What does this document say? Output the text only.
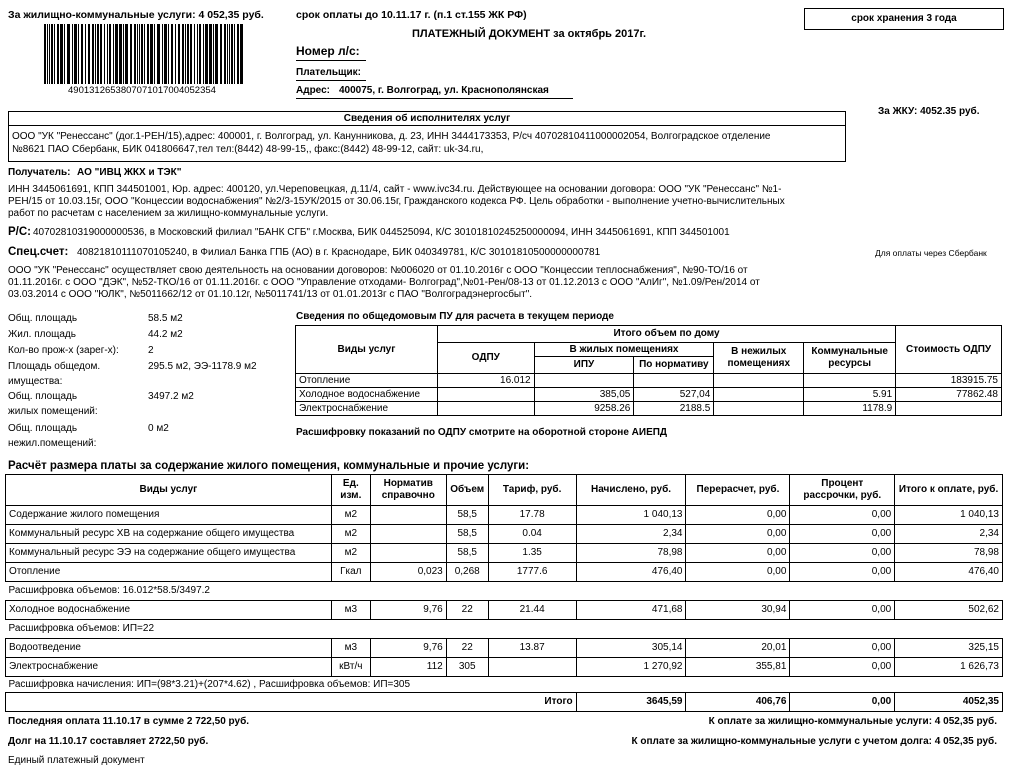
За жилищно-коммунальные услуги: 4 052,35 руб.	срок оплаты до 10.11.17 г. (п.1 ст.155 ЖК РФ)	срок хранения 3 года
4901312653807071017004052354
ПЛАТЕЖНЫЙ ДОКУМЕНТ за октябрь 2017г.
Номер л/с:
Плательщик:
Адрес: 400075, г. Волгоград, ул. Краснополянская
За ЖКУ: 4052.35 руб.
Сведения об исполнителях услуг
ООО "УК "Ренессанс" (дог.1-РЕН/15),адрес: 400001, г. Волгоград, ул. Канунникова, д. 23, ИНН 3444173353, Р/сч 40702810411000002054, Волгоградское отделение
№8621 ПАО Сбербанк, БИК 041806647,тел тел:(8442) 48-99-15,, факс:(8442) 48-99-12, сайт: uk-34.ru,
Получатель: АО "ИВЦ ЖКХ и ТЭК"
ИНН 3445061691, КПП 344501001, Юр. адрес: 400120, ул.Череповецкая, д.11/4, сайт - www.ivc34.ru. Действующее на основании договора: ООО "УК "Ренессанс" №1-
РЕН/15 от 10.03.15г, ООО "Концессии водоснабжения" №2/3-15УК/2015 от 30.06.15г, Гражданского кодекса РФ. Цель обработки - выполнение учетно-вычислительных
работ по расчетам с населением за жилищно-коммунальные услуги.
Р/С: 40702810319000000536, в Московский филиал "БАНК СГБ" г.Москва, БИК 044525094, К/С 30101810245250000094, ИНН 3445061691, КПП 344501001
Спец.счет: 40821810111070105240, в Филиал Банка ГПБ (АО) в г. Краснодаре, БИК 040349781, К/С 30101810500000000781	Для оплаты через Сбербанк
ООО "УК "Ренессанс" осуществляет свою деятельность на основании договоров: №006020 от 01.10.2016г с ООО "Концессии теплоснабжения", №90-ТО/16 от
01.11.2016г. с ООО "ДЭК", №52-ТКО/16 от 01.11.2016г. с ООО "Управление отходами- Волгоград",№01-Рен/08-13 от 01.12.2013 с ООО "АлИг", №1.09/Рен/2014 от
03.03.2014 с ООО "ЮЛК", №5011662/12 от 01.10.12г, №5011741/13 от 01.01.2013г с ПАО "Волгоградэнергосбыт".
Общ. площадь	58.5 м2
Жил. площадь	44.2 м2
Кол-во прож-х (зарег-х):	2
Площадь общедом.	295.5 м2, ЭЭ-1178.9 м2
имущества:
Общ. площадь	3497.2 м2
жилых помещений:
Общ. площадь	0 м2
нежил.помещений:
Сведения по общедомовым ПУ для расчета в текущем периоде
Виды услуг	Итого объем по дому					Стоимость ОДПУ
	ОДПУ	В жилых помещениях		В нежилых помещениях	Коммунальные ресурсы	
		ИПУ	По нормативу			
Отопление	16.012					183915.75
Холодное водоснабжение		385,05	527,04		5.91	77862.48
Электроснабжение		9258.26	2188.5		1178.9	
Расшифровку показаний по ОДПУ смотрите на оборотной стороне АИЕПД
Расчёт размера платы за содержание жилого помещения, коммунальные и прочие услуги:
Виды услуг	Ед. изм.	Норматив справочно	Объем	Тариф, руб.	Начислено, руб.	Перерасчет, руб.	Процент рассрочки, руб.	Итого к оплате, руб.
Содержание жилого помещения	м2		58,5	17.78	1 040,13	0,00	0,00	1 040,13
Коммунальный ресурс ХВ на содержание общего имущества	м2		58,5	0.04	2,34	0,00	0,00	2,34
Коммунальный ресурс ЭЭ на содержание общего имущества	м2		58,5	1.35	78,98	0,00	0,00	78,98
Отопление	Гкал	0,023	0,268	1777.6	476,40	0,00	0,00	476,40
Расшифровка объемов: 16.012*58.5/3497.2								
Холодное водоснабжение	м3	9,76	22	21.44	471,68	30,94	0,00	502,62
Расшифровка объемов: ИП=22								
Водоотведение	м3	9,76	22	13.87	305,14	20,01	0,00	325,15
Электроснабжение	кВт/ч	112	305		1 270,92	355,81	0,00	1 626,73
Расшифровка начисления: ИП=(98*3.21)+(207*4.62) , Расшифровка объемов: ИП=305								
Итого					3645,59	406,76	0,00	4052,35
Последняя оплата 11.10.17 в сумме 2 722,50 руб.
Долг на 11.10.17 составляет 2722,50 руб.
К оплате за жилищно-коммунальные услуги: 4 052,35 руб.
К оплате за жилищно-коммунальные услуги с учетом долга: 4 052,35 руб.
Единый платежный документ
